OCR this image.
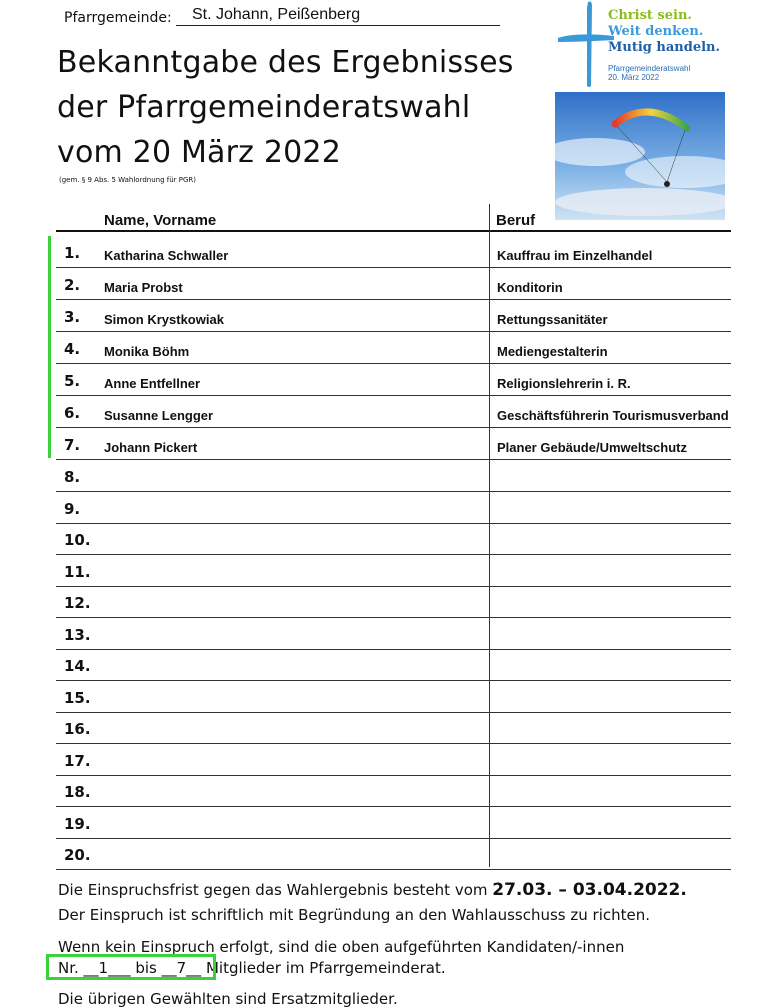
Pfarrgemeinde:	St. Johann, Peißenberg
Bekanntgabe des Ergebnisses
der Pfarrgemeinderatswahl
vom 20 März 2022
(gem. § 9 Abs. 5 Wahlordnung für PGR)
Christ sein.
Weit denken.
Mutig handeln.
Pfarrgemeinderatswahl
20. März 2022
Name, Vorname	Beruf
1. Katharina Schwaller	Kauffrau im Einzelhandel
2. Maria Probst	Konditorin
3. Simon Krystkowiak	Rettungssanitäter
4. Monika Böhm	Mediengestalterin
5. Anne Entfellner	Religionslehrerin i. R.
6. Susanne Lengger	Geschäftsführerin Tourismusverband
7. Johann Pickert	Planer Gebäude/Umweltschutz
8.
9.
10.
11.
12.
13.
14.
15.
16.
17.
18.
19.
20.
Die Einspruchsfrist gegen das Wahlergebnis besteht vom 27.03. – 03.04.2022.
Der Einspruch ist schriftlich mit Begründung an den Wahlausschuss zu richten.
Wenn kein Einspruch erfolgt, sind die oben aufgeführten Kandidaten/-innen
Nr. __1___ bis __7__ Mitglieder im Pfarrgemeinderat.
Die übrigen Gewählten sind Ersatzmitglieder.
